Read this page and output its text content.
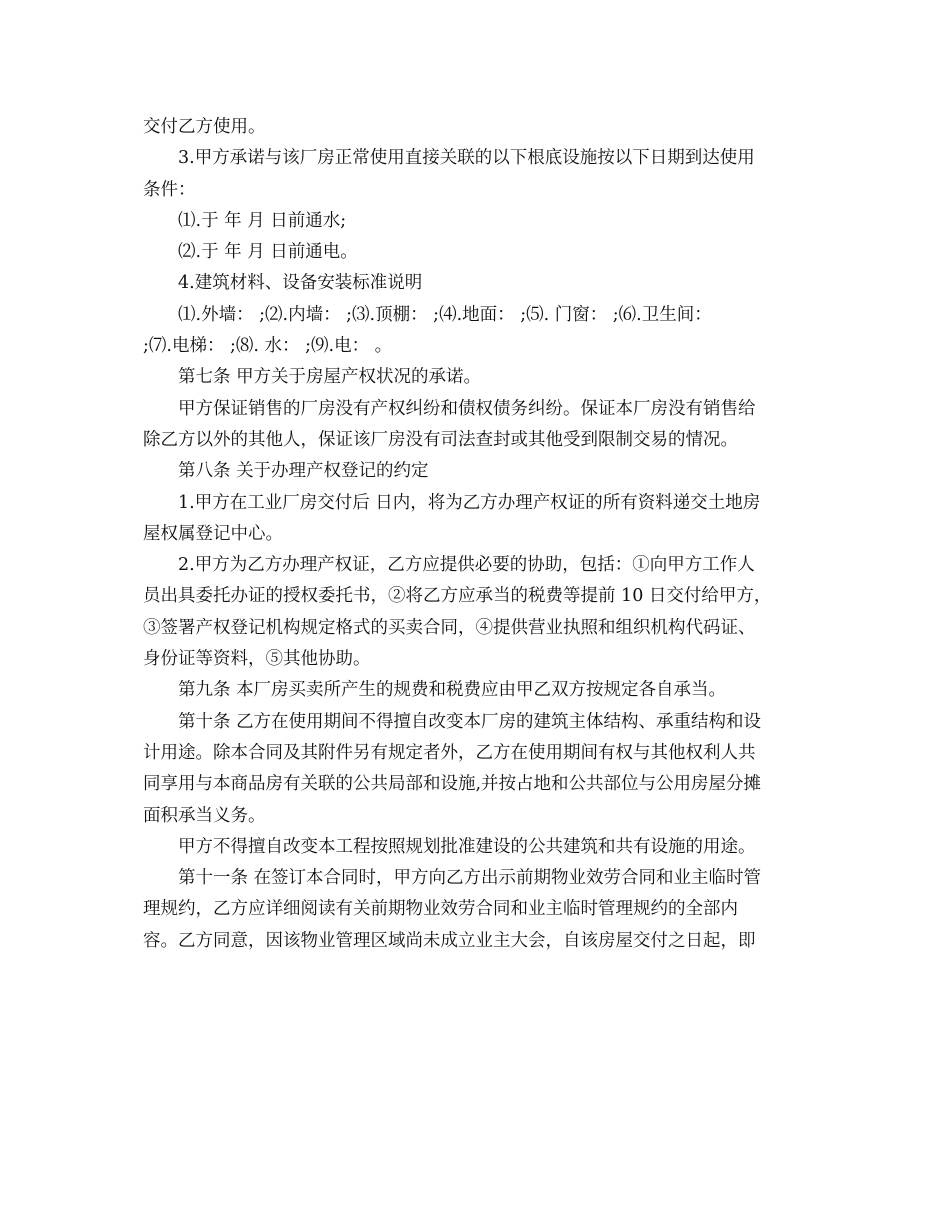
交付乙方使用。

3.甲方承诺与该厂房正常使用直接关联的以下根底设施按以下日期到达使用

条件：

⑴.于 年 月 日前通水;

⑵.于 年 月 日前通电。

4.建筑材料、设备安装标准说明

⑴.外墙： ;⑵.内墙： ;⑶.顶棚： ;⑷.地面： ;⑸. 门窗： ;⑹.卫生间：

;⑺.电梯： ;⑻. 水： ;⑼.电： 。

第七条 甲方关于房屋产权状况的承诺。

甲方保证销售的厂房没有产权纠纷和债权债务纠纷。保证本厂房没有销售给

除乙方以外的其他人，保证该厂房没有司法查封或其他受到限制交易的情况。

第八条 关于办理产权登记的约定

1.甲方在工业厂房交付后 日内，将为乙方办理产权证的所有资料递交土地房

屋权属登记中心。

2.甲方为乙方办理产权证，乙方应提供必要的协助，包括：①向甲方工作人

员出具委托办证的授权委托书，②将乙方应承当的税费等提前 10 日交付给甲方，

③签署产权登记机构规定格式的买卖合同，④提供营业执照和组织机构代码证、

身份证等资料，⑤其他协助。

第九条 本厂房买卖所产生的规费和税费应由甲乙双方按规定各自承当。

第十条 乙方在使用期间不得擅自改变本厂房的建筑主体结构、承重结构和设

计用途。除本合同及其附件另有规定者外，乙方在使用期间有权与其他权利人共

同享用与本商品房有关联的公共局部和设施,并按占地和公共部位与公用房屋分摊

面积承当义务。

甲方不得擅自改变本工程按照规划批准建设的公共建筑和共有设施的用途。

第十一条 在签订本合同时，甲方向乙方出示前期物业效劳合同和业主临时管

理规约，乙方应详细阅读有关前期物业效劳合同和业主临时管理规约的全部内

容。乙方同意，因该物业管理区域尚未成立业主大会，自该房屋交付之日起，即
